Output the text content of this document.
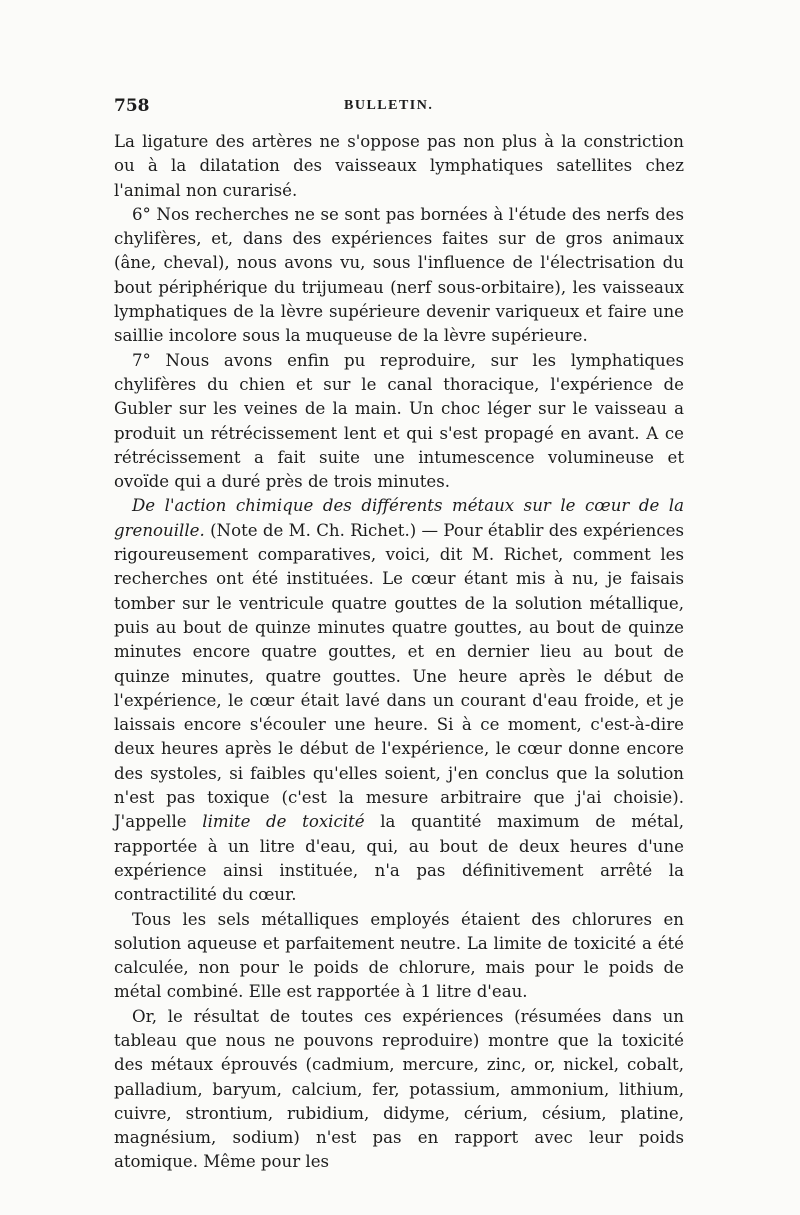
758	BULLETIN.

La ligature des artères ne s'oppose pas non plus à la constriction ou à la dilatation des vaisseaux lymphatiques satellites chez l'animal non curarisé.

6° Nos recherches ne se sont pas bornées à l'étude des nerfs des chylifères, et, dans des expériences faites sur de gros animaux (âne, cheval), nous avons vu, sous l'influence de l'électrisation du bout périphérique du trijumeau (nerf sous-orbitaire), les vaisseaux lymphatiques de la lèvre supérieure devenir variqueux et faire une saillie incolore sous la muqueuse de la lèvre supérieure.

7° Nous avons enfin pu reproduire, sur les lymphatiques chylifères du chien et sur le canal thoracique, l'expérience de Gubler sur les veines de la main. Un choc léger sur le vaisseau a produit un rétrécissement lent et qui s'est propagé en avant. A ce rétrécissement a fait suite une intumescence volumineuse et ovoïde qui a duré près de trois minutes.

De l'action chimique des différents métaux sur le cœur de la grenouille. (Note de M. Ch. Richet.) — Pour établir des expériences rigoureusement comparatives, voici, dit M. Richet, comment les recherches ont été instituées. Le cœur étant mis à nu, je faisais tomber sur le ventricule quatre gouttes de la solution métallique, puis au bout de quinze minutes quatre gouttes, au bout de quinze minutes encore quatre gouttes, et en dernier lieu au bout de quinze minutes, quatre gouttes. Une heure après le début de l'expérience, le cœur était lavé dans un courant d'eau froide, et je laissais encore s'écouler une heure. Si à ce moment, c'est-à-dire deux heures après le début de l'expérience, le cœur donne encore des systoles, si faibles qu'elles soient, j'en conclus que la solution n'est pas toxique (c'est la mesure arbitraire que j'ai choisie). J'appelle limite de toxicité la quantité maximum de métal, rapportée à un litre d'eau, qui, au bout de deux heures d'une expérience ainsi instituée, n'a pas définitivement arrêté la contractilité du cœur.

Tous les sels métalliques employés étaient des chlorures en solution aqueuse et parfaitement neutre. La limite de toxicité a été calculée, non pour le poids de chlorure, mais pour le poids de métal combiné. Elle est rapportée à 1 litre d'eau.

Or, le résultat de toutes ces expériences (résumées dans un tableau que nous ne pouvons reproduire) montre que la toxicité des métaux éprouvés (cadmium, mercure, zinc, or, nickel, cobalt, palladium, baryum, calcium, fer, potassium, ammonium, lithium, cuivre, strontium, rubidium, didyme, cérium, césium, platine, magnésium, sodium) n'est pas en rapport avec leur poids atomique. Même pour les
